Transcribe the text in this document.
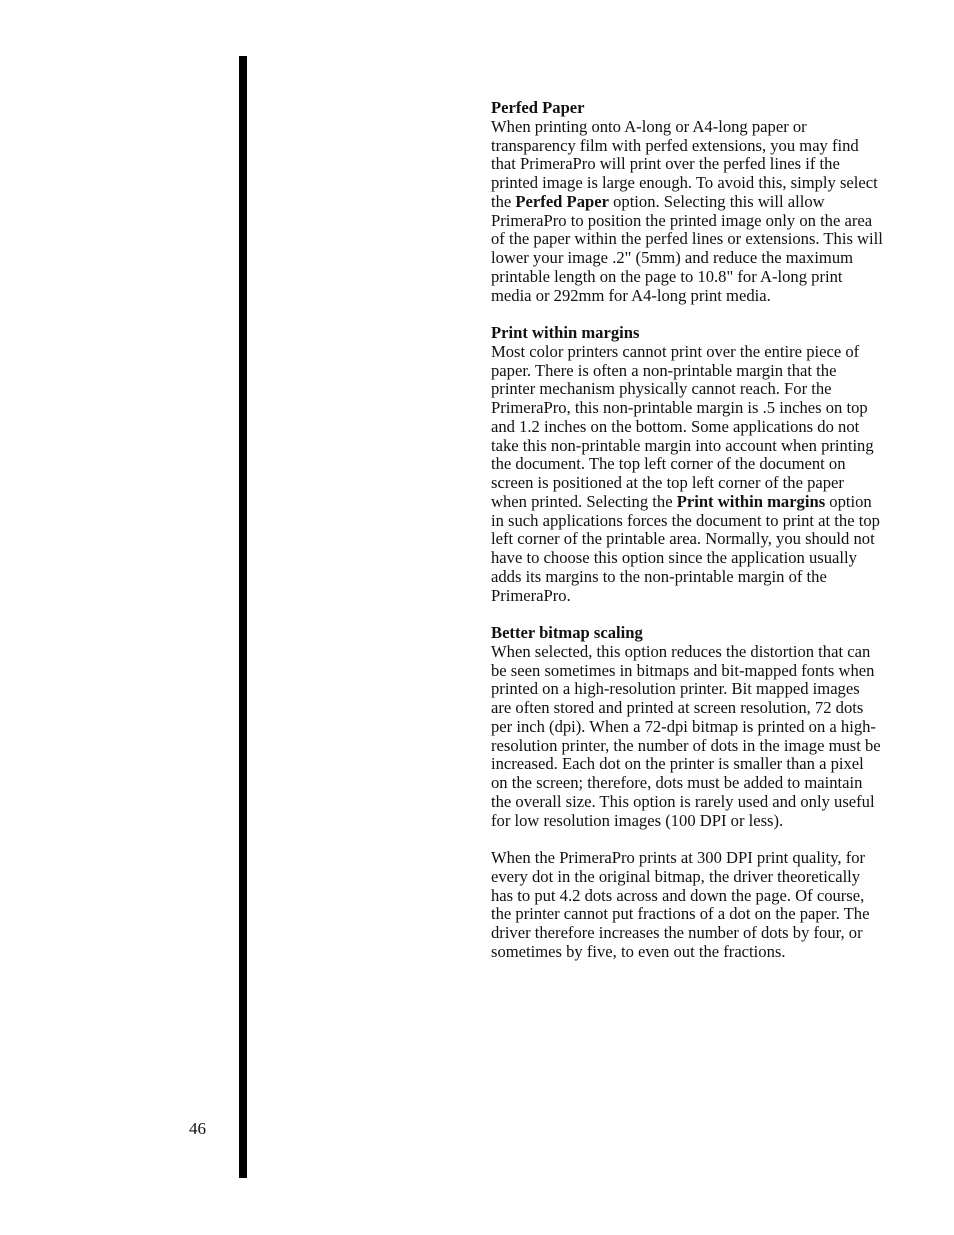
Perfed Paper
When printing onto A-long or A4-long paper or transparency film with perfed extensions, you may find that PrimeraPro will print over the perfed lines if the printed image is large enough. To avoid this, simply select the Perfed Paper option. Selecting this will allow PrimeraPro to position the printed image only on the area of the paper within the perfed lines or extensions. This will lower your image .2" (5mm) and reduce the maximum printable length on the page to 10.8" for A-long print media or 292mm for A4-long print media.
Print within margins
Most color printers cannot print over the entire piece of paper. There is often a non-printable margin that the printer mechanism physically cannot reach. For the PrimeraPro, this non-printable margin is .5 inches on top and 1.2 inches on the bottom. Some applications do not take this non-printable margin into account when printing the document. The top left corner of the document on screen is positioned at the top left corner of the paper when printed. Selecting the Print within margins option in such applications forces the document to print at the top left corner of the printable area. Normally, you should not have to choose this option since the application usually adds its margins to the non-printable margin of the PrimeraPro.
Better bitmap scaling
When selected, this option reduces the distortion that can be seen sometimes in bitmaps and bit-mapped fonts when printed on a high-resolution printer. Bit mapped images are often stored and printed at screen resolution, 72 dots per inch (dpi). When a 72-dpi bitmap is printed on a high-resolution printer, the number of dots in the image must be increased. Each dot on the printer is smaller than a pixel on the screen; therefore, dots must be added to maintain the overall size. This option is rarely used and only useful for low resolution images (100 DPI or less).
When the PrimeraPro prints at 300 DPI print quality, for every dot in the original bitmap, the driver theoretically has to put 4.2 dots across and down the page. Of course, the printer cannot put fractions of a dot on the paper. The driver therefore increases the number of dots by four, or sometimes by five, to even out the fractions.
46
